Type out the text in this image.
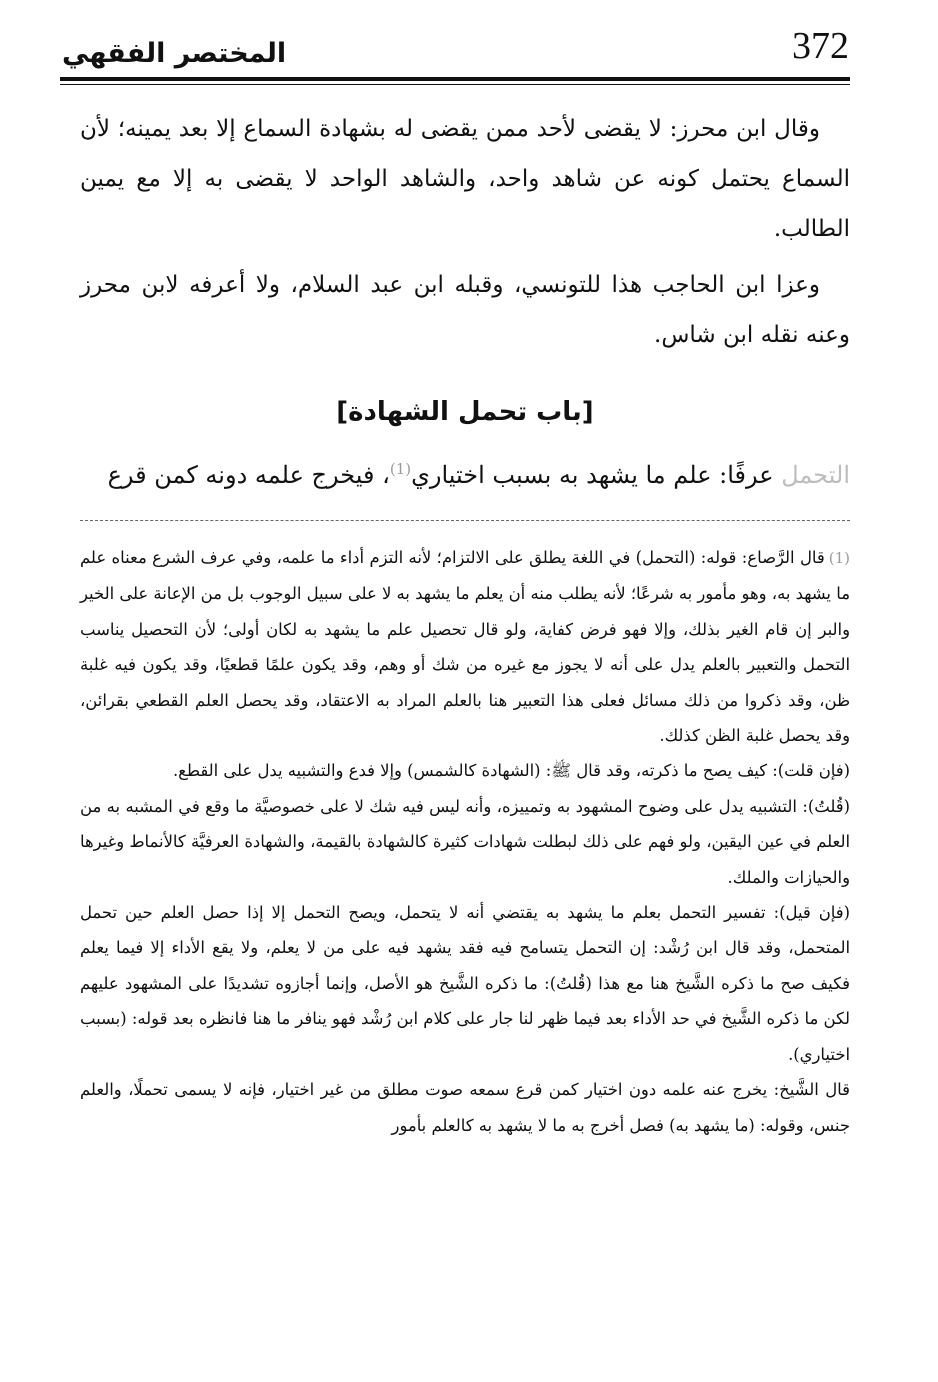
372
المختصر الفقهي

وقال ابن محرز: لا يقضى لأحد ممن يقضى له بشهادة السماع إلا بعد يمينه؛ لأن السماع يحتمل كونه عن شاهد واحد، والشاهد الواحد لا يقضى به إلا مع يمين الطالب.

وعزا ابن الحاجب هذا للتونسي، وقبله ابن عبد السلام، ولا أعرفه لابن محرز وعنه نقله ابن شاس.

[باب تحمل الشهادة]
التحمل عرفًا: علم ما يشهد به بسبب اختياري$^{(1)}$، فيخرج علمه دونه كمن قرع

(1)قال الرَّصاع: قوله: (التحمل) في اللغة يطلق على الالتزام؛ لأنه التزم أداء ما علمه، وفي عرف الشرع معناه علم ما يشهد به، وهو مأمور به شرعًا؛ لأنه يطلب منه أن يعلم ما يشهد به لا على سبيل الوجوب بل من الإعانة على الخير والبر إن قام الغير بذلك، وإلا فهو فرض كفاية، ولو قال تحصيل علم ما يشهد به لكان أولى؛ لأن التحصيل يناسب التحمل والتعبير بالعلم يدل على أنه لا يجوز مع غيره من شك أو وهم، وقد يكون علمًا قطعيًا، وقد يكون فيه غلبة ظن، وقد ذكروا من ذلك مسائل فعلى هذا التعبير هنا بالعلم المراد به الاعتقاد، وقد يحصل العلم القطعي بقرائن، وقد يحصل غلبة الظن كذلك.

(فإن قلت): كيف يصح ما ذكرته، وقد قال ﷺ: (الشهادة كالشمس) وإلا فدع والتشبيه يدل على القطع.

(قُلتُ): التشبيه يدل على وضوح المشهود به وتمييزه، وأنه ليس فيه شك لا على خصوصيَّة ما وقع في المشبه به من العلم في عين اليقين، ولو فهم على ذلك لبطلت شهادات كثيرة كالشهادة بالقيمة، والشهادة العرفيَّة كالأنماط وغيرها والحيازات والملك.

(فإن قيل): تفسير التحمل بعلم ما يشهد به يقتضي أنه لا يتحمل، ويصح التحمل إلا إذا حصل العلم حين تحمل المتحمل، وقد قال ابن رُشْد: إن التحمل يتسامح فيه فقد يشهد فيه على من لا يعلم، ولا يقع الأداء إلا فيما يعلم فكيف صح ما ذكره الشَّيخ هنا مع هذا (قُلتُ): ما ذكره الشَّيخ هو الأصل، وإنما أجازوه تشديدًا على المشهود عليهم لكن ما ذكره الشَّيخ في حد الأداء بعد فيما ظهر لنا جار على كلام ابن رُشْد فهو ينافر ما هنا فانظره بعد قوله: (بسبب اختياري).

قال الشَّيخ: يخرج عنه علمه دون اختيار كمن قرع سمعه صوت مطلق من غير اختيار، فإنه لا يسمى تحملًا، والعلم جنس، وقوله: (ما يشهد به) فصل أخرج به ما لا يشهد به كالعلم بأمور
